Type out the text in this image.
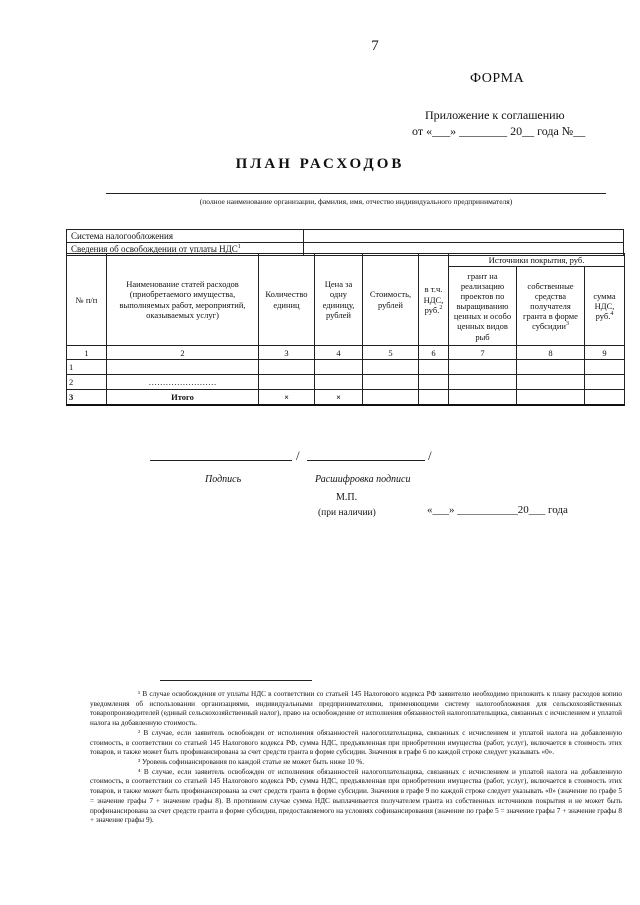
7
ФОРМА
Приложение к соглашению
от «___» ________ 20__ года №__
ПЛАН РАСХОДОВ
(полное наименование организации, фамилия, имя, отчество индивидуального предпринимателя)
Система налогообложения	
Сведения об освобождении от уплаты НДС$^1$	
№ п/п	Наименование статей расходов (приобретаемого имущества, выполняемых работ, мероприятий, оказываемых услуг)	Количество единиц	Цена за одну единицу, рублей	Стоимость, рублей	в т.ч. НДС, руб.$^2$	Источники покрытия, руб.		
						грант на реализацию проектов по выращиванию ценных и особо ценных видов рыб	собственные средства получателя гранта в форме субсидии$^3$	сумма НДС, руб.$^4$
1	2	3	4	5	6	7	8	9
1								
2	……………………							
3	Итого	×	×					
/	/
Подпись	Расшифровка подписи
М.П.
(при наличии)	«___» ___________20___ года

¹ В случае освобождения от уплаты НДС в соответствии со статьей 145 Налогового кодекса РФ заявителю необходимо приложить к плану расходов копию уведомления об использовании организациями, индивидуальными предпринимателями, применяющими систему налогообложения для сельскохозяйственных товаропроизводителей (единый сельскохозяйственный налог), право на освобождение от исполнения обязанностей налогоплательщика, связанных с исчислением и уплатой налога на добавленную стоимость.

² В случае, если заявитель освобожден от исполнения обязанностей налогоплательщика, связанных с исчислением и уплатой налога на добавленную стоимость, в соответствии со статьей 145 Налогового кодекса РФ, сумма НДС, предъявленная при приобретении имущества (работ, услуг), включается в стоимость этих товаров, и также может быть профинансирована за счет средств гранта в форме субсидии. Значения в графе 6 по каждой строке следует указывать «0».

³ Уровень софинансирования по каждой статье не может быть ниже 10 %.

⁴ В случае, если заявитель освобожден от исполнения обязанностей налогоплательщика, связанных с исчислением и уплатой налога на добавленную стоимость, в соответствии со статьей 145 Налогового кодекса РФ, сумма НДС, предъявленная при приобретении имущества (работ, услуг), включается в стоимость этих товаров, и также может быть профинансирована за счет средств гранта в форме субсидии. Значения в графе 9 по каждой строке следует указывать «0» (значение по графе 5 = значение графы 7 + значение графы 8). В противном случае сумма НДС выплачивается получателем гранта из собственных источников покрытия и не может быть профинансирована за счет средств гранта в форме субсидии, предоставляемого на условиях софинансирования (значение по графе 5 = значение графы 7 + значение графы 8 + значение графы 9).
